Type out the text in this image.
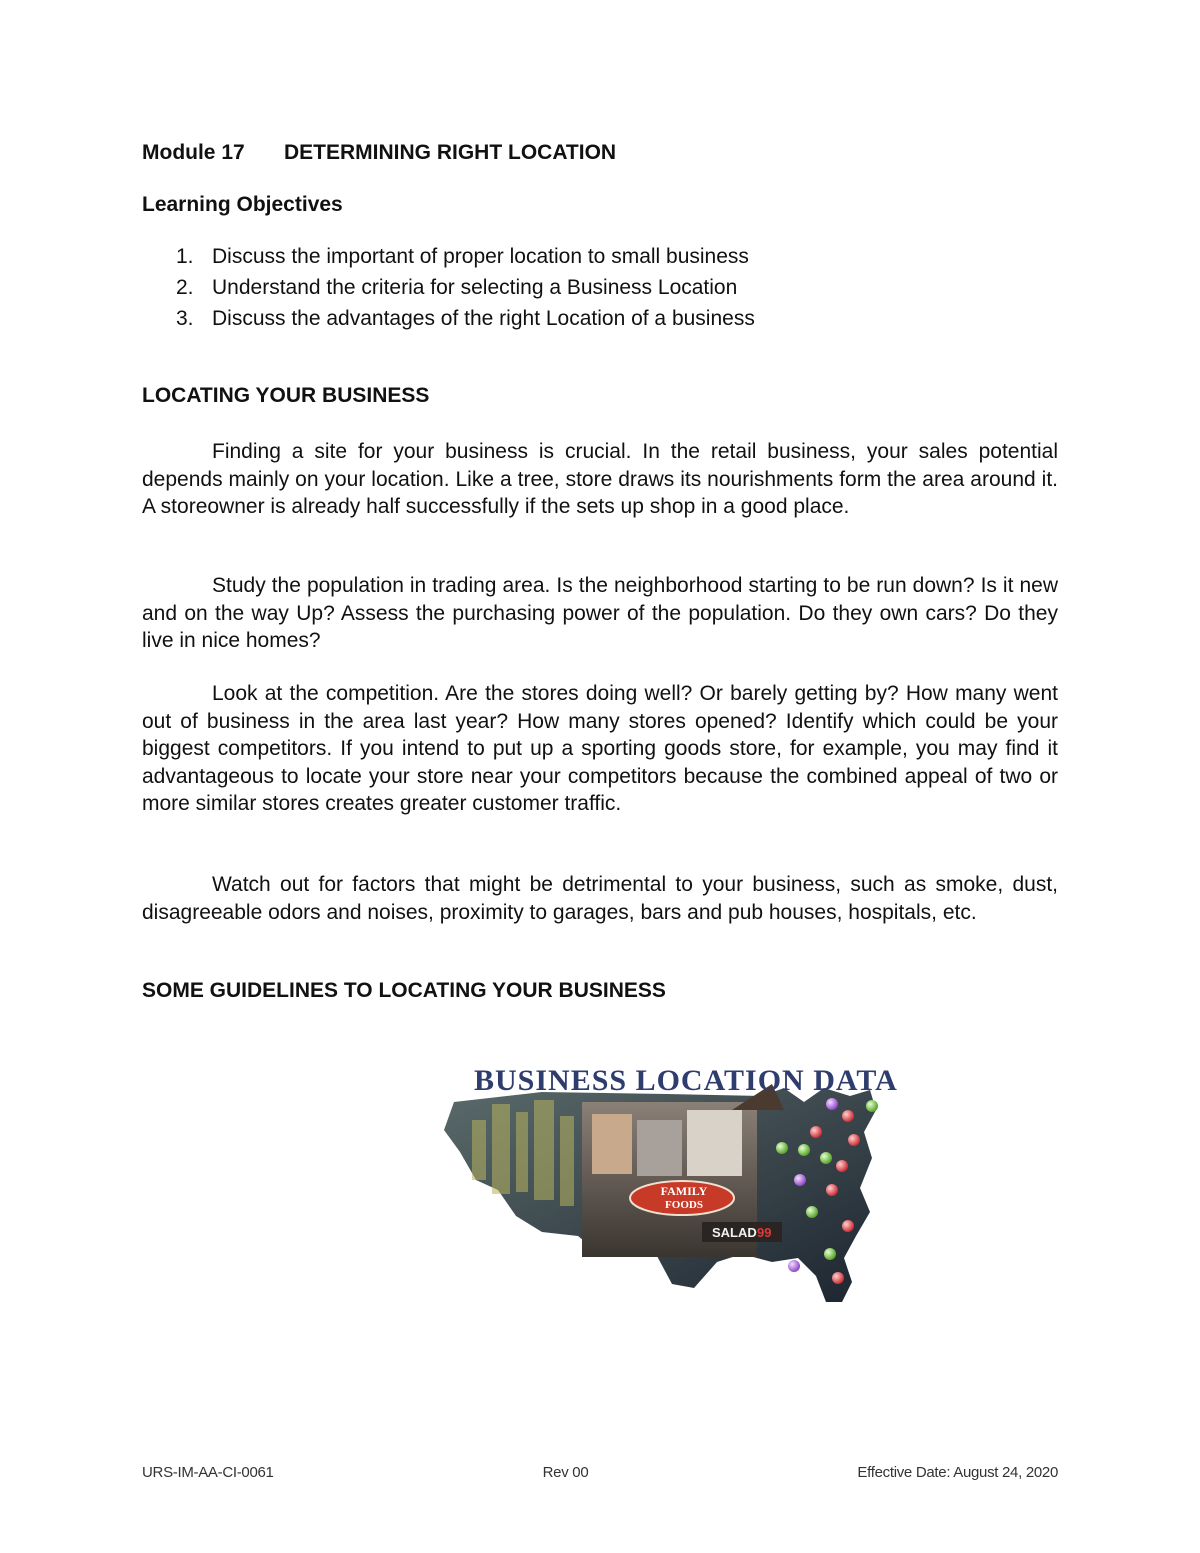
Module 17 DETERMINING RIGHT LOCATION
Learning Objectives
1. Discuss the important of proper location to small business
2. Understand the criteria for selecting a Business Location
3. Discuss the advantages of the right Location of a business
LOCATING YOUR BUSINESS

Finding a site for your business is crucial. In the retail business, your sales potential depends mainly on your location. Like a tree, store draws its nourishments form the area around it. A storeowner is already half successfully if the sets up shop in a good place.

Study the population in trading area. Is the neighborhood starting to be run down? Is it new and on the way Up? Assess the purchasing power of the population. Do they own cars? Do they live in nice homes?

Look at the competition. Are the stores doing well? Or barely getting by? How many went out of business in the area last year? How many stores opened? Identify which could be your biggest competitors. If you intend to put up a sporting goods store, for example, you may find it advantageous to locate your store near your competitors because the combined appeal of two or more similar stores creates greater customer traffic.

Watch out for factors that might be detrimental to your business, such as smoke, dust, disagreeable odors and noises, proximity to garages, bars and pub houses, hospitals, etc.

SOME GUIDELINES TO LOCATING YOUR BUSINESS
FAMILY
FOODS
SALAD 99
BUSINESS LOCATION DATA
URS-IM-AA-CI-0061	Rev 00	Effective Date: August 24, 2020
